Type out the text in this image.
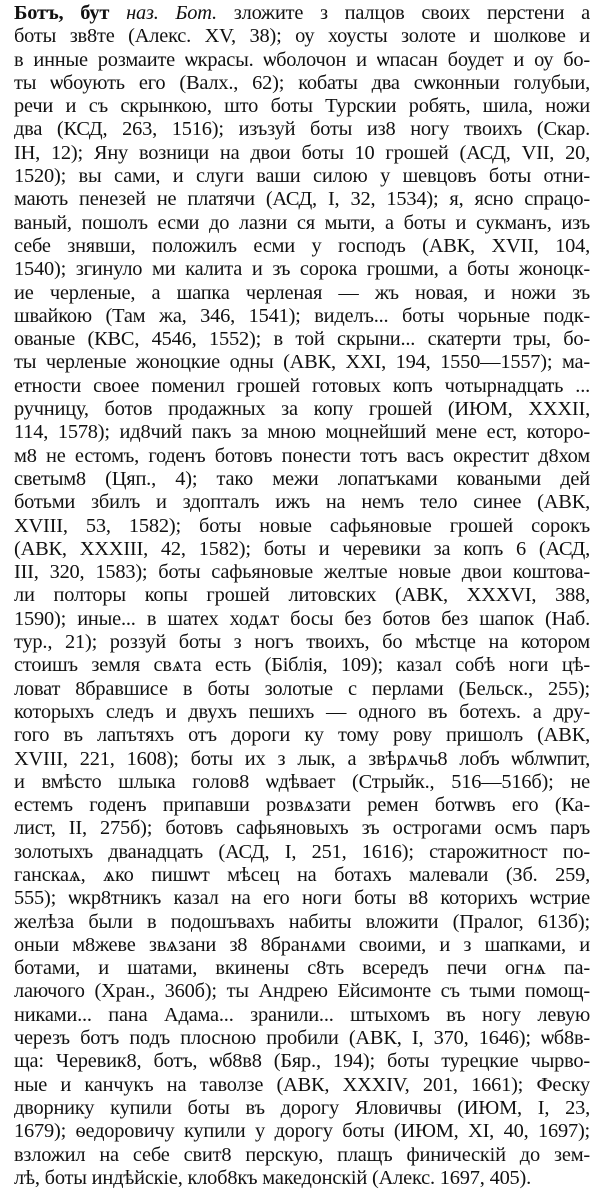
Ботъ, бут наз. Бот. зложите з палцов своих перстени а
боты зв8те (Алекс. XV, 38); оу хоусты золоте и шолкове и
в инные розмаите ѡкрасы. ѡболочон и ѡпасан боудет и оу бо-
ты ѡбоують его (Валх., 62); кобаты два сѡконныи голубыи,
речи и съ скрынкою, што боты Турскии робять, шила, ножи
два (КСД, 263, 1516); изъзуй боты из8 ногу твоихъ (Скар.
ІН, 12); Яну возници на двои боты 10 грошей (АСД, VII, 20,
1520); вы сами, и слуги ваши силою у шевцовъ боты отни-
мають пенезей не платячи (АСД, I, 32, 1534); я, ясно спрацо-
ваный, пошолъ есми до лазни ся мыти, а боты и сукманъ, изъ
себе знявши, положилъ есми у господъ (АВК, XVII, 104,
1540); згинуло ми калита и зъ сорока грошми, а боты жоноцк-
ие черленые, а шапка черленая — жъ новая, и ножи зъ
швайкою (Там жа, 346, 1541); виделъ... боты чорьные подк-
ованые (КВС, 4546, 1552); в той скрыни... скатерти тры, бо-
ты черленые жоноцкие одны (АВК, XXI, 194, 1550—1557); ма-
етности своее поменил грошей готовых копъ чотырнадцать ...
ручницу, ботов продажных за копу грошей (ИЮМ, XXXII,
114, 1578); ид8чий пакъ за мною моцнейший мене ест, которо-
м8 не естомъ, годенъ ботовъ понести тотъ васъ окрестит д8хом
светым8 (Цяп., 4); тако межи лопатъками коваными дей
ботьми збилъ и здопталъ ижъ на немъ тело синее (АВК,
XVIII, 53, 1582); боты новые сафьяновые грошей сорокъ
(АВК, XXXIII, 42, 1582); боты и черевики за копъ 6 (АСД,
III, 320, 1583); боты сафьяновые желтые новые двои коштова-
ли полторы копы грошей литовских (АВК, XXXVI, 388,
1590); иные... в шатех ходѧт босы без ботов без шапок (Наб.
тур., 21); роззуй боты з ногъ твоихъ, бо мѣстце на котором
стоишъ земля свѧта есть (Біблія, 109); казал собѣ ноги цѣ-
ловат 8бравшисе в боты золотые с перлами (Бельск., 255);
которыхъ следъ и двухъ пешихъ — одного въ ботехъ. а дру-
гого въ лапътяхъ отъ дороги ку тому рову пришолъ (АВК,
XVIII, 221, 1608); боты их з лык, а звѣрѧчь8 лобъ ѡблѡпит,
и вмѣсто шлыка голов8 ѡдѣвает (Стрыйк., 516—516б); не
естемъ годенъ припавши розвѧзати ремен ботѡвъ его (Ка-
лист, II, 275б); ботовъ сафьяновыхъ зъ острогами осмъ паръ
золотыхъ дванадцать (АСД, I, 251, 1616); старожитност по-
ганскаѧ, ѧко пишѡт мѣсец на ботахъ малевали (Зб. 259,
555); ѡкр8тникъ казал на его ноги боты в8 которихъ ѡстрие
желѣза были в подошъвахъ набиты вложити (Пралог, 613б);
оныи м8жеве звѧзани з8 8бранѧми своими, и з шапками, и
ботами, и шатами, вкинены с8ть всередъ печи огнѧ па-
лаючого (Хран., 360б); ты Андрею Ейсимонте съ тыми помощ-
никами... пана Адама... зранили... штыхомъ въ ногу левую
черезъ ботъ подъ плосною пробили (АВК, I, 370, 1646); ѡб8в-
ща: Черевик8, ботъ, ѡб8в8 (Бяр., 194); боты турецкие чырво-
ные и канчукъ на таволзе (АВК, XXXIV, 201, 1661); Феску
дворнику купили боты въ дорогу Яловичвы (ИЮМ, I, 23,
1679); ѳедоровичу купили у дорогу боты (ИЮМ, XI, 40, 1697);
взложил на себе свит8 перскую, плащъ финическій до зем-
лѣ, боты индѣйскіе, клоб8къ македонскій (Алекс. 1697, 405).
